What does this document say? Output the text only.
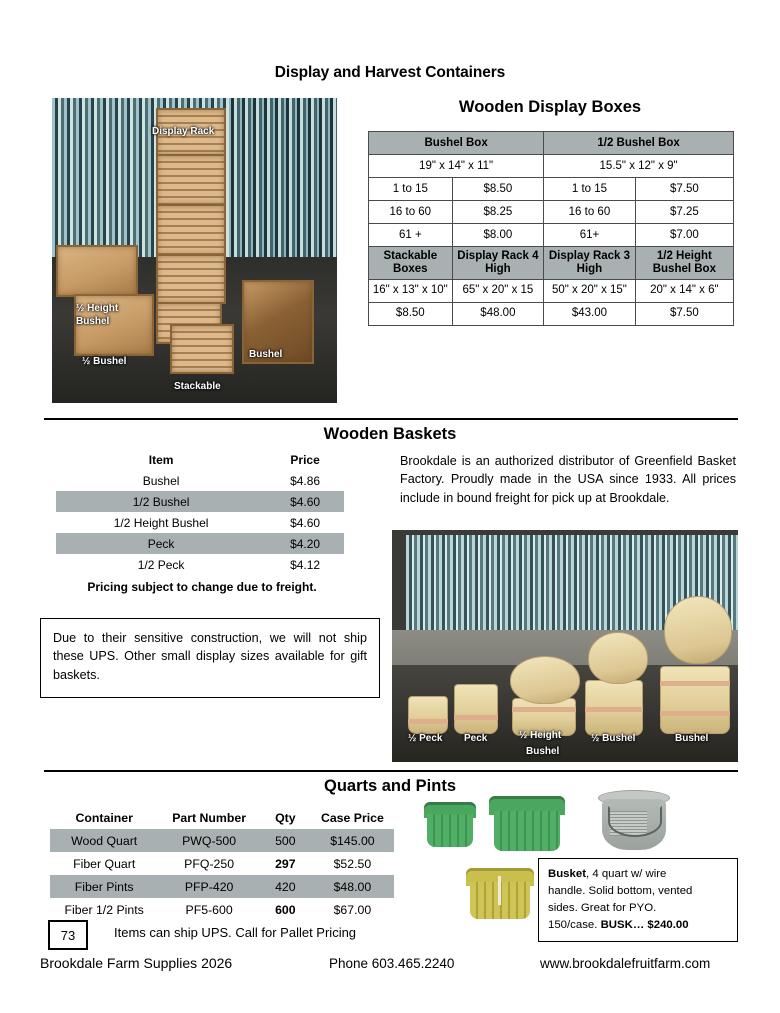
Display and Harvest Containers
Display Rack
½ Height
Bushel
½ Bushel
Stackable
Bushel
Wooden Display Boxes
Bushel Box		1/2 Bushel Box	
19" x 14" x 11"		15.5" x 12" x 9"	
1 to 15	$8.50	1 to 15	$7.50
16 to 60	$8.25	16 to 60	$7.25
61 +	$8.00	61+	$7.00
Stackable Boxes	Display Rack 4 High	Display Rack 3 High	1/2 Height Bushel Box
16" x 13" x 10"	65" x 20" x 15	50" x 20" x 15"	20" x 14" x 6"
$8.50	$48.00	$43.00	$7.50
Wooden Baskets
Item	Price
Bushel	$4.86
1/2 Bushel	$4.60
1/2 Height Bushel	$4.60
Peck	$4.20
1/2 Peck	$4.12
Pricing subject to change due to freight.
Brookdale is an authorized distributor of Greenfield Basket Factory. Proudly made in the USA since 1933. All prices include in bound freight for pick up at Brookdale.
Due to their sensitive construction, we will not ship these UPS. Other small display sizes available for gift baskets.
½ Peck Peck	½ Height
Bushel
½ Bushel	Bushel
Quarts and Pints
Container	Part Number	Qty	Case Price
Wood Quart	PWQ-500	500	$145.00
Fiber Quart	PFQ-250	297	$52.50
Fiber Pints	PFP-420	420	$48.00
Fiber 1/2 Pints	PF5-600	600	$67.00
Busket, 4 quart w/ wire
handle. Solid bottom, vented
sides. Great for PYO.
150/case. BUSK… $240.00
73	Items can ship UPS. Call for Pallet Pricing
Brookdale Farm Supplies 2026	Phone 603.465.2240	www.brookdalefruitfarm.com
